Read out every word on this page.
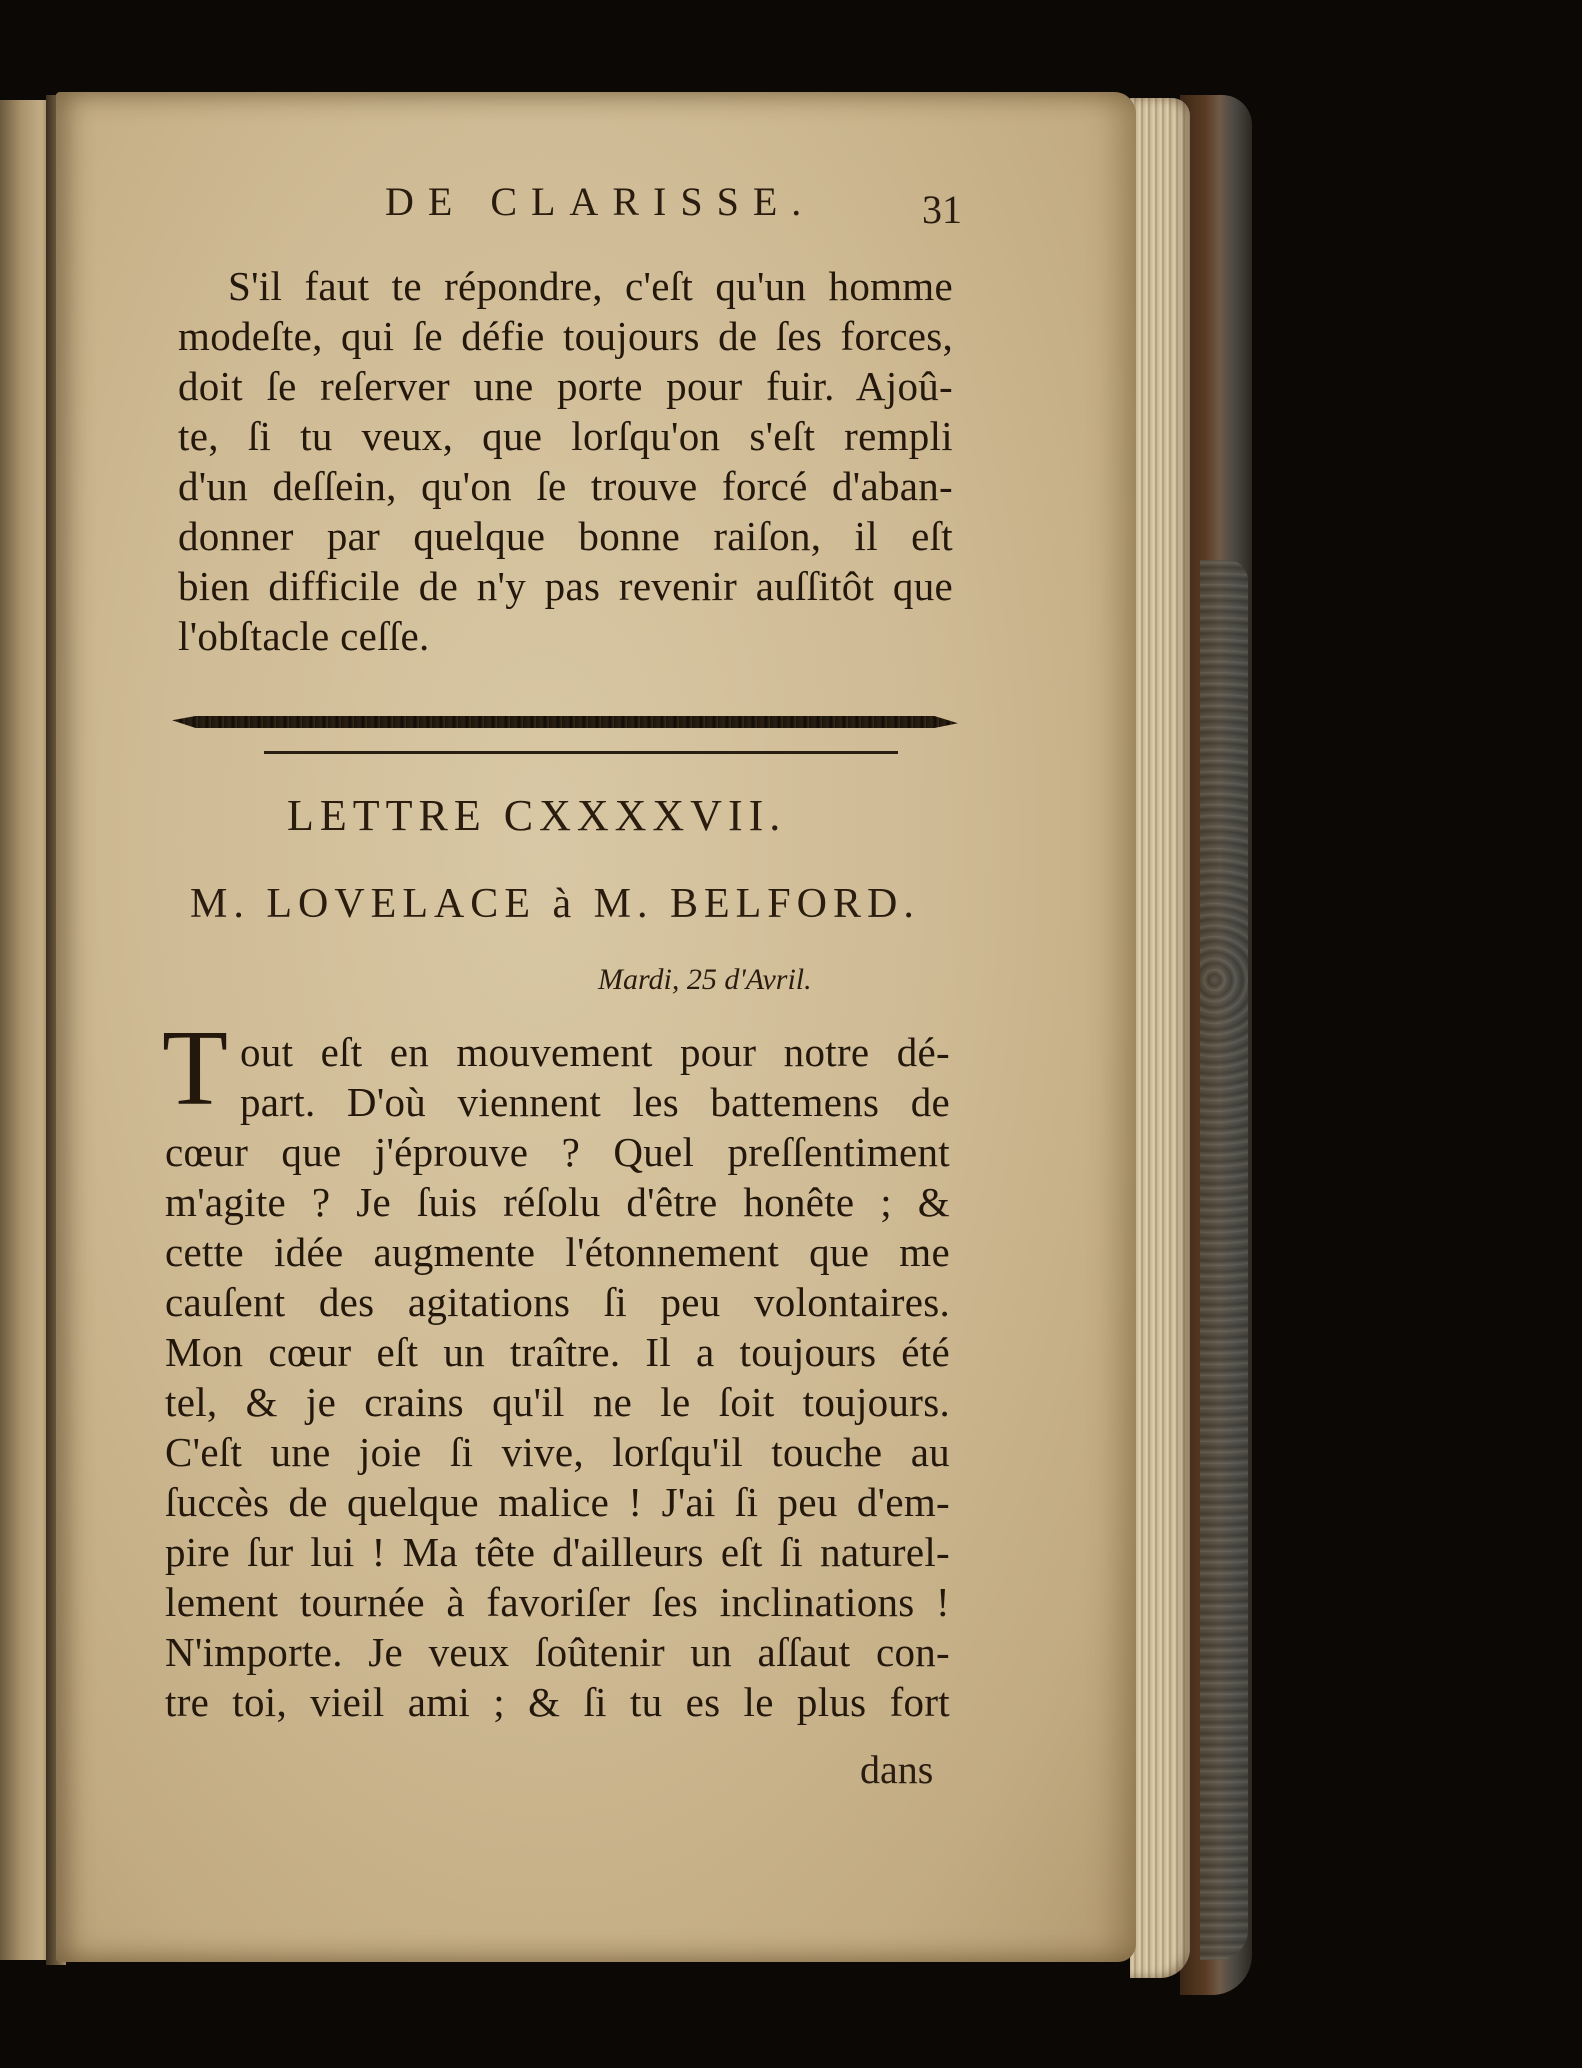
DE CLARISSE.	31
S'il faut te répondre, c'eſt qu'un homme
modeſte, qui ſe défie toujours de ſes forces,
doit ſe reſerver une porte pour fuir. Ajoû-
te, ſi tu veux, que lorſqu'on s'eſt rempli
d'un deſſein, qu'on ſe trouve forcé d'aban-
donner par quelque bonne raiſon, il eſt
bien difficile de n'y pas revenir auſſitôt que
l'obſtacle ceſſe.
LETTRE CXXXXVII.
M. LOVELACE à M. BELFORD.
Mardi, 25 d'Avril.
T out eſt en mouvement pour notre dé-
part. D'où viennent les battemens de
cœur que j'éprouve ? Quel preſſentiment
m'agite ? Je ſuis réſolu d'être honête ; &
cette idée augmente l'étonnement que me
cauſent des agitations ſi peu volontaires.
Mon cœur eſt un traître. Il a toujours été
tel, & je crains qu'il ne le ſoit toujours.
C'eſt une joie ſi vive, lorſqu'il touche au
ſuccès de quelque malice ! J'ai ſi peu d'em-
pire ſur lui ! Ma tête d'ailleurs eſt ſi naturel-
lement tournée à favoriſer ſes inclinations !
N'importe. Je veux ſoûtenir un aſſaut con-
tre toi, vieil ami ; & ſi tu es le plus fort
dans
